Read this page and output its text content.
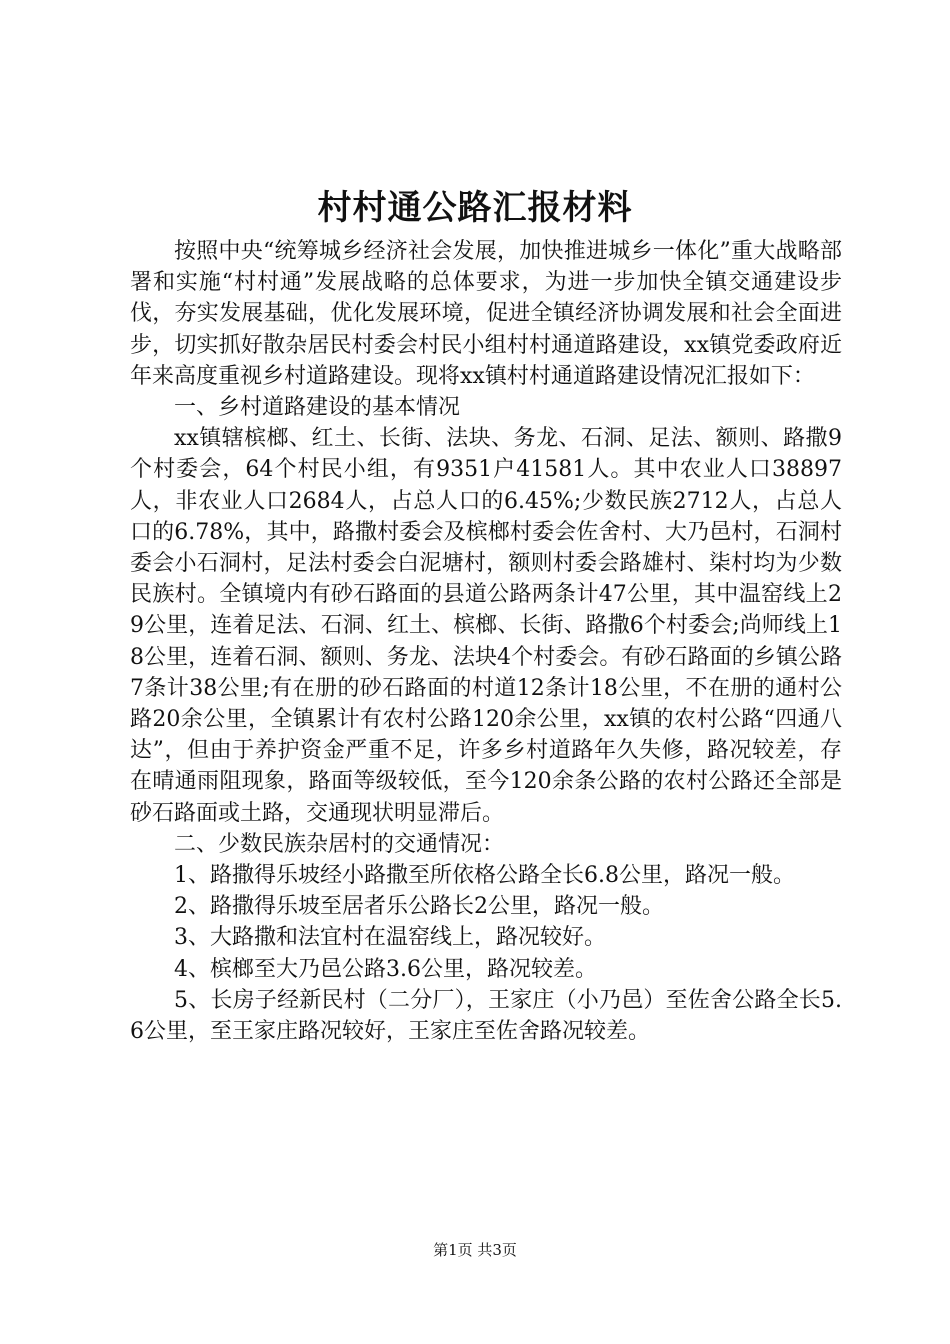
村村通公路汇报材料

按照中央“统筹城乡经济社会发展，加快推进城乡一体化”重大战略部署和实施“村村通”发展战略的总体要求，为进一步加快全镇交通建设步伐，夯实发展基础，优化发展环境，促进全镇经济协调发展和社会全面进步，切实抓好散杂居民村委会村民小组村村通道路建设，xx镇党委政府近年来高度重视乡村道路建设。现将xx镇村村通道路建设情况汇报如下：

一、乡村道路建设的基本情况

xx镇辖槟榔、红土、长街、法块、务龙、石洞、足法、额则、路撒9个村委会，64个村民小组，有9351户41581人。其中农业人口38897人，非农业人口2684人，占总人口的6.45%;少数民族2712人，占总人口的6.78%，其中，路撒村委会及槟榔村委会佐舍村、大乃邑村，石洞村委会小石洞村，足法村委会白泥塘村，额则村委会路雄村、柒村均为少数民族村。全镇境内有砂石路面的县道公路两条计47公里，其中温窑线上29公里，连着足法、石洞、红土、槟榔、长街、路撒6个村委会;尚师线上18公里，连着石洞、额则、务龙、法块4个村委会。有砂石路面的乡镇公路7条计38公里;有在册的砂石路面的村道12条计18公里，不在册的通村公路20余公里，全镇累计有农村公路120余公里，xx镇的农村公路“四通八达”，但由于养护资金严重不足，许多乡村道路年久失修，路况较差，存在晴通雨阻现象，路面等级较低，至今120余条公路的农村公路还全部是砂石路面或土路，交通现状明显滞后。

二、少数民族杂居村的交通情况：

1、路撒得乐坡经小路撒至所依格公路全长6.8公里，路况一般。

2、路撒得乐坡至居者乐公路长2公里，路况一般。

3、大路撒和法宜村在温窑线上，路况较好。

4、槟榔至大乃邑公路3.6公里，路况较差。

5、长房子经新民村（二分厂），王家庄（小乃邑）至佐舍公路全长5.6公里，至王家庄路况较好，王家庄至佐舍路况较差。

第1页 共3页
